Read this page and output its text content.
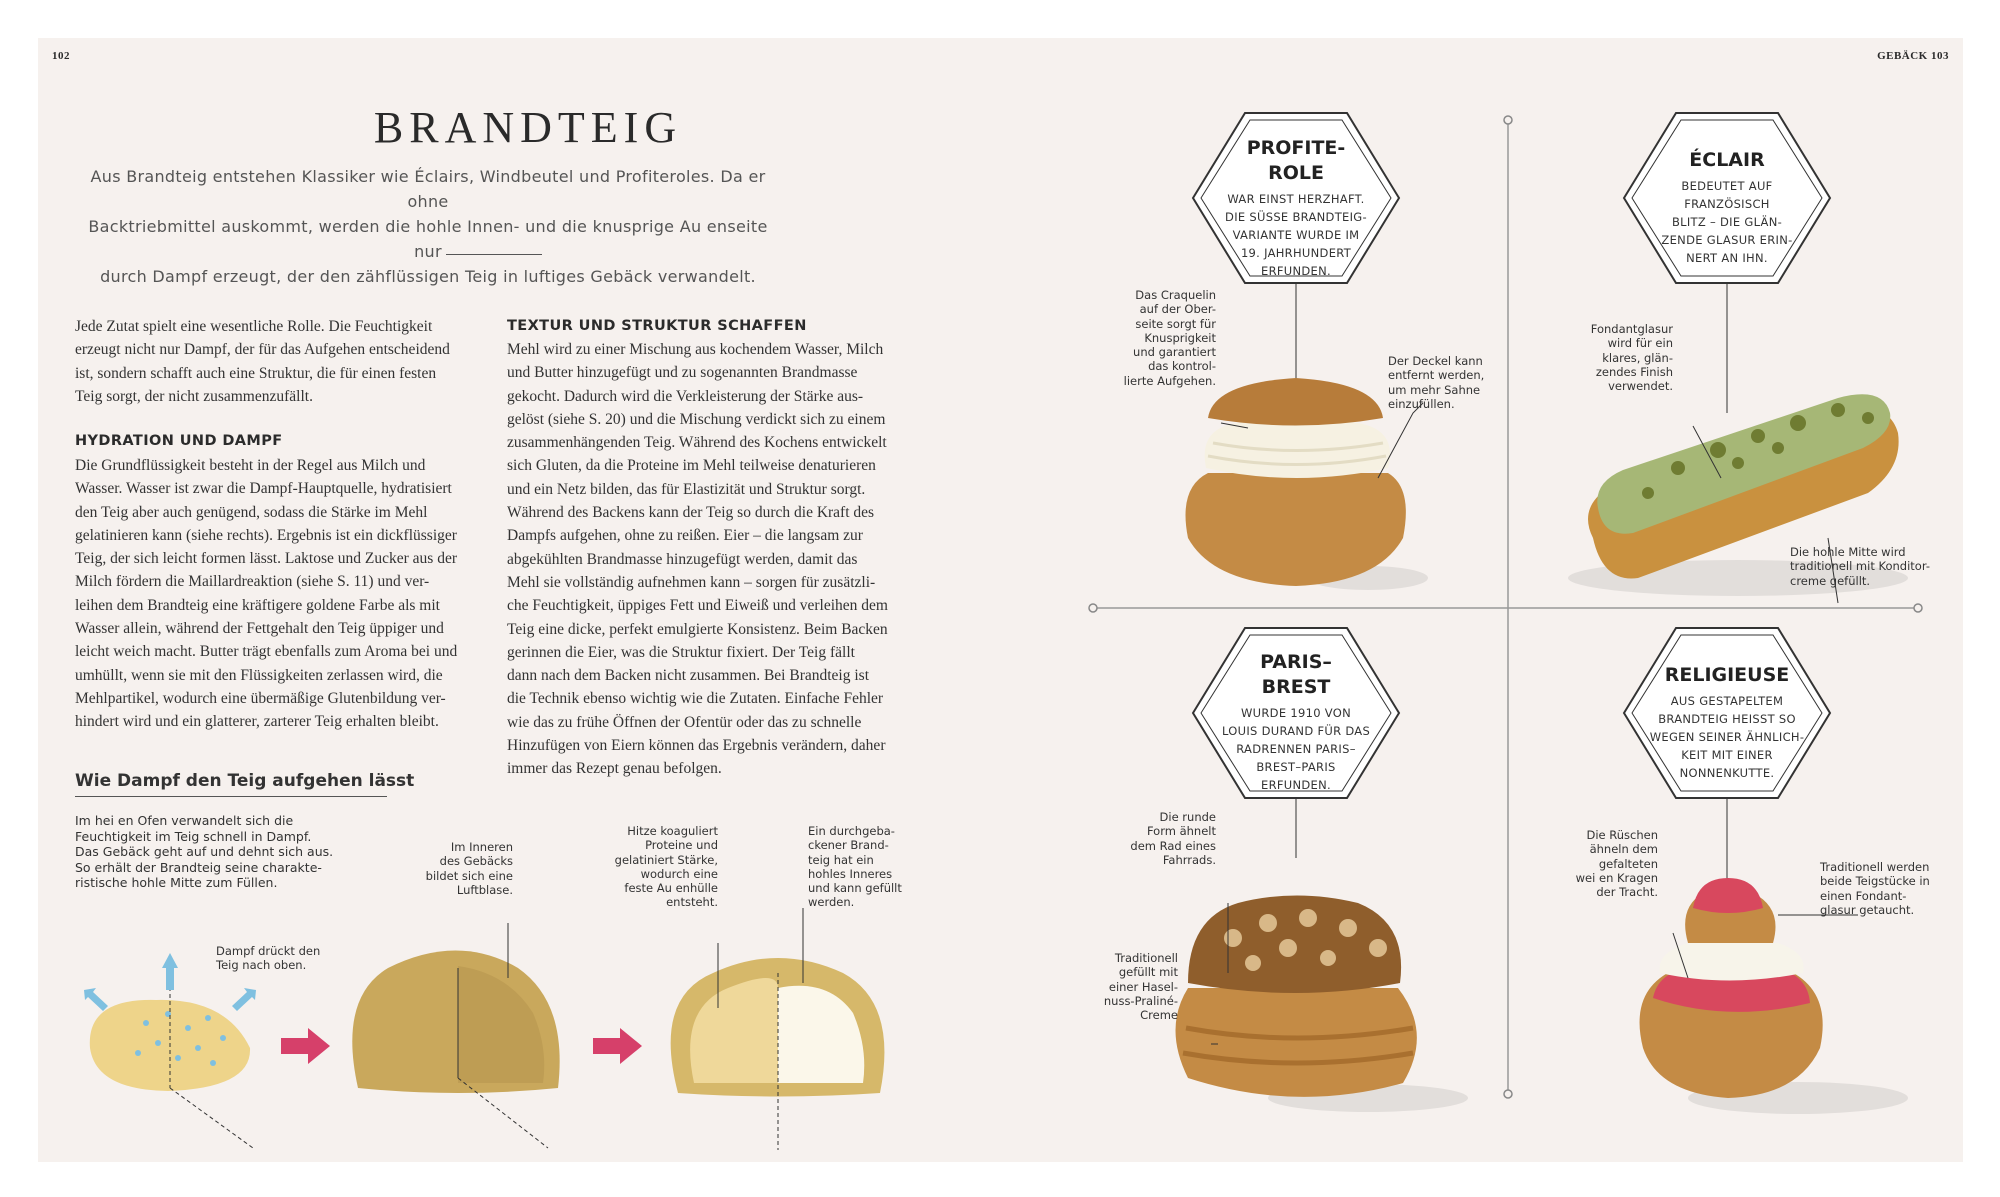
102	GEBÄCK 103
BRANDTEIG
Aus Brandteig entstehen Klassiker wie Éclairs, Windbeutel und Profiteroles. Da er ohne
Backtriebmittel auskommt, werden die hohle Innen- und die knusprige Au enseite nur
durch Dampf erzeugt, der den zähflüssigen Teig in luftiges Gebäck verwandelt.
Jede Zutat spielt eine wesentliche Rolle. Die Feuchtigkeit
erzeugt nicht nur Dampf, der für das Aufgehen entscheidend
ist, sondern schafft auch eine Struktur, die für einen festen
Teig sorgt, der nicht zusammenzufällt.
HYDRATION UND DAMPF
Die Grundflüssigkeit besteht in der Regel aus Milch und
Wasser. Wasser ist zwar die Dampf-Hauptquelle, hydratisiert
den Teig aber auch genügend, sodass die Stärke im Mehl
gelatinieren kann (siehe rechts). Ergebnis ist ein dickflüssiger
Teig, der sich leicht formen lässt. Laktose und Zucker aus der
Milch fördern die Maillardreaktion (siehe S. 11) und ver-
leihen dem Brandteig eine kräftigere goldene Farbe als mit
Wasser allein, während der Fettgehalt den Teig üppiger und
leicht weich macht. Butter trägt ebenfalls zum Aroma bei und
umhüllt, wenn sie mit den Flüssigkeiten zerlassen wird, die
Mehlpartikel, wodurch eine übermäßige Glutenbildung ver-
hindert wird und ein glatterer, zarterer Teig erhalten bleibt.
TEXTUR UND STRUKTUR SCHAFFEN
Mehl wird zu einer Mischung aus kochendem Wasser, Milch
und Butter hinzugefügt und zu sogenannten Brandmasse
gekocht. Dadurch wird die Verkleisterung der Stärke aus-
gelöst (siehe S. 20) und die Mischung verdickt sich zu einem
zusammenhängenden Teig. Während des Kochens entwickelt
sich Gluten, da die Proteine im Mehl teilweise denaturieren
und ein Netz bilden, das für Elastizität und Struktur sorgt.
Während des Backens kann der Teig so durch die Kraft des
Dampfs aufgehen, ohne zu reißen. Eier – die langsam zur
abgekühlten Brandmasse hinzugefügt werden, damit das
Mehl sie vollständig aufnehmen kann – sorgen für zusätzli-
che Feuchtigkeit, üppiges Fett und Eiweiß und verleihen dem
Teig eine dicke, perfekt emulgierte Konsistenz. Beim Backen
gerinnen die Eier, was die Struktur fixiert. Der Teig fällt
dann nach dem Backen nicht zusammen. Bei Brandteig ist
die Technik ebenso wichtig wie die Zutaten. Einfache Fehler
wie das zu frühe Öffnen der Ofentür oder das zu schnelle
Hinzufügen von Eiern können das Ergebnis verändern, daher
immer das Rezept genau befolgen.
Wie Dampf den Teig aufgehen lässt
Im hei en Ofen verwandelt sich die
Feuchtigkeit im Teig schnell in Dampf.
Das Gebäck geht auf und dehnt sich aus.
So erhält der Brandteig seine charakte-
ristische hohle Mitte zum Füllen.
Dampf drückt den
Teig nach oben.
Im Inneren
des Gebäcks
bildet sich eine
Luftblase.
Hitze koaguliert
Proteine und
gelatiniert Stärke,
wodurch eine
feste Au enhülle
entsteht.
Ein durchgeba-
ckener Brand-
teig hat ein
hohles Inneres
und kann gefüllt
werden.
PROFITE-
ROLE
WAR EINST HERZHAFT.
DIE SÜSSE BRANDTEIG-
VARIANTE WURDE IM
19. JAHRHUNDERT
ERFUNDEN.
ÉCLAIR
BEDEUTET AUF
FRANZÖSISCH
BLITZ – DIE GLÄN-
ZENDE GLASUR ERIN-
NERT AN IHN.
PARIS–
BREST
WURDE 1910 VON
LOUIS DURAND FÜR DAS
RADRENNEN PARIS–
BREST–PARIS
ERFUNDEN.
RELIGIEUSE
AUS GESTAPELTEM
BRANDTEIG HEISST SO
WEGEN SEINER ÄHNLICH-
KEIT MIT EINER
NONNENKUTTE.
Das Craquelin
auf der Ober-
seite sorgt für
Knusprigkeit
und garantiert
das kontrol-
lierte Aufgehen.
Der Deckel kann
entfernt werden,
um mehr Sahne
einzufüllen.
Fondantglasur
wird für ein
klares, glän-
zendes Finish
verwendet.
Die hohle Mitte wird
traditionell mit Konditor-
creme gefüllt.
Die runde
Form ähnelt
dem Rad eines
Fahrrads.
Traditionell
gefüllt mit
einer Hasel-
nuss-Praliné-
Creme
Die Rüschen
ähneln dem
gefalteten
wei en Kragen
der Tracht.
Traditionell werden
beide Teigstücke in
einen Fondant-
glasur getaucht.
